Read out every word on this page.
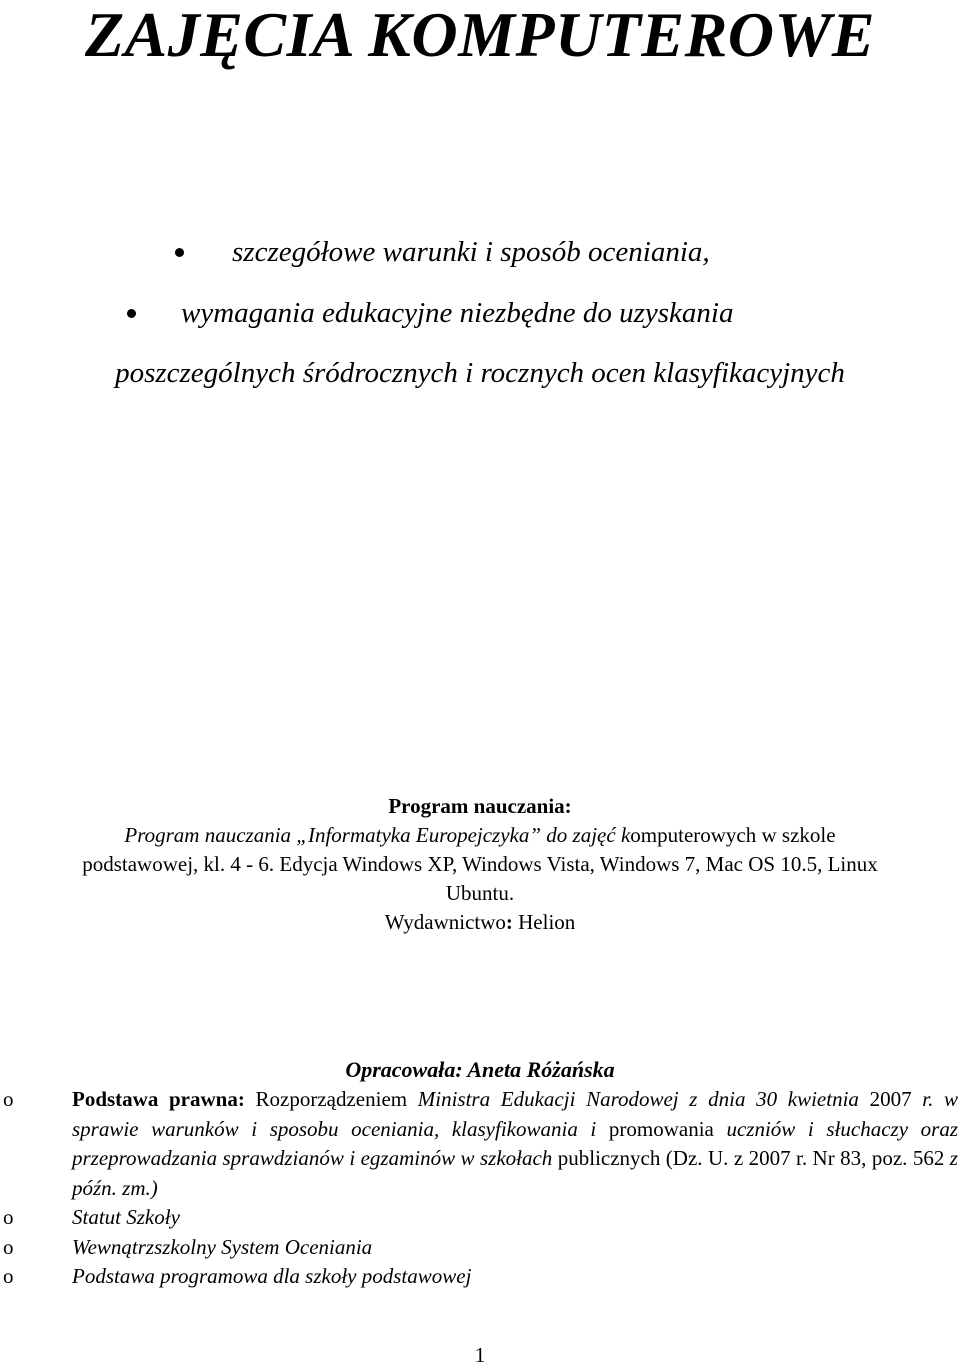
ZAJĘCIA KOMPUTEROWE
szczegółowe warunki i sposób oceniania,
wymagania edukacyjne niezbędne do uzyskania
poszczególnych śródrocznych i rocznych ocen klasyfikacyjnych
Program nauczania:
Program nauczania „Informatyka Europejczyka” do zajęć komputerowych w szkole
podstawowej, kl. 4 - 6. Edycja Windows XP, Windows Vista, Windows 7, Mac OS 10.5, Linux
Ubuntu.
Wydawnictwo: Helion
Opracowała: Aneta Różańska
o	Podstawa prawna: Rozporządzeniem Ministra Edukacji Narodowej z dnia 30 kwietnia 2007 r. w sprawie warunków i sposobu oceniania, klasyfikowania i promowania uczniów i słuchaczy oraz przeprowadzania sprawdzianów i egzaminów w szkołach publicznych (Dz. U. z 2007 r. Nr 83, poz. 562 z późn. zm.)
o	Statut Szkoły
o	Wewnątrzszkolny System Oceniania
o	Podstawa programowa dla szkoły podstawowej
1
